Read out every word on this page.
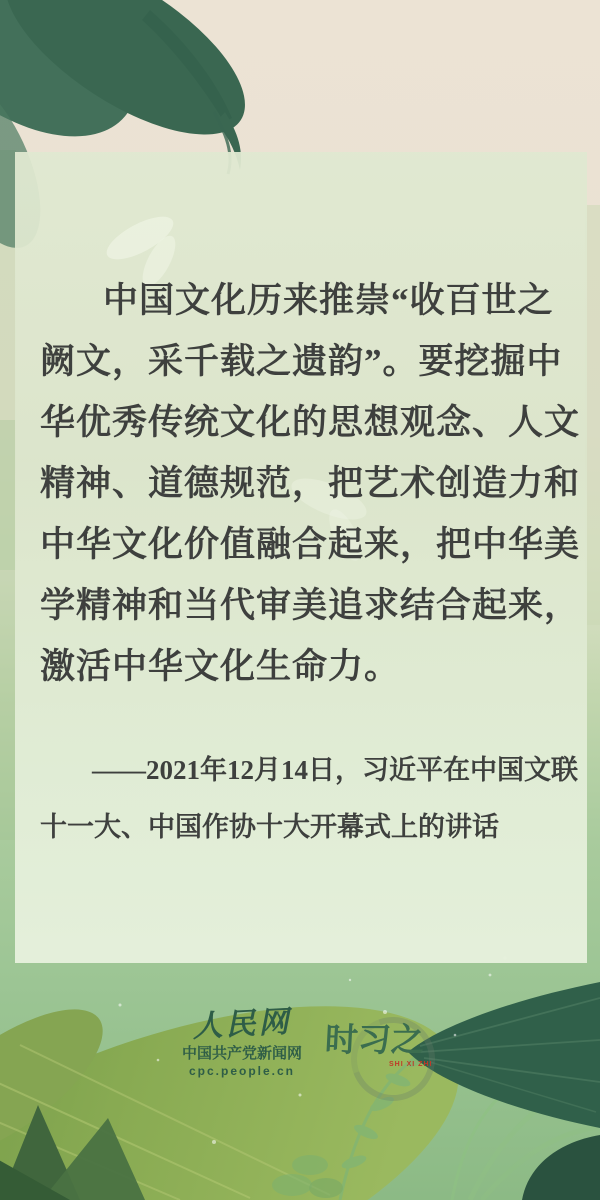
中国文化历来推崇“收百世之
阙文，采千载之遗韵”。要挖掘中
华优秀传统文化的思想观念、人文
精神、道德规范，把艺术创造力和
中华文化价值融合起来，把中华美
学精神和当代审美追求结合起来，
激活中华文化生命力。
——2021年12月14日，习近平在中国文联
十一大、中国作协十大开幕式上的讲话
人民网
中国共产党新闻网
cpc.people.cn
时习之
SHI XI ZHI
